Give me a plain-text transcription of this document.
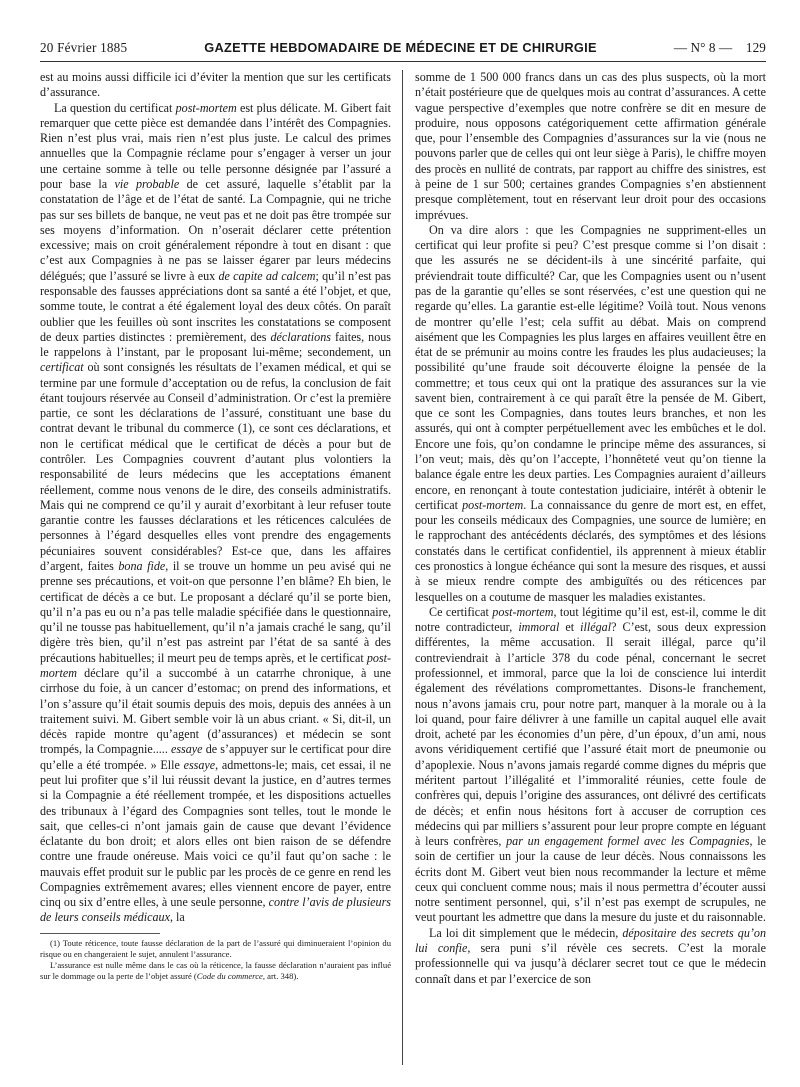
20 Février 1885	GAZETTE HEBDOMADAIRE DE MÉDECINE ET DE CHIRURGIE	— N° 8 — 129

est au moins aussi difficile ici d’éviter la mention que sur les certificats d’assurance.

La question du certificat post-mortem est plus délicate. M. Gibert fait remarquer que cette pièce est demandée dans l’intérêt des Compagnies. Rien n’est plus vrai, mais rien n’est plus juste. Le calcul des primes annuelles que la Compagnie réclame pour s’engager à verser un jour une certaine somme à telle ou telle personne désignée par l’assuré a pour base la vie probable de cet assuré, laquelle s’établit par la constatation de l’âge et de l’état de santé. La Compagnie, qui ne triche pas sur ses billets de banque, ne veut pas et ne doit pas être trompée sur ses moyens d’information. On n’oserait déclarer cette prétention excessive; mais on croit généralement répondre à tout en disant : que c’est aux Compagnies à ne pas se laisser égarer par leurs médecins délégués; que l’assuré se livre à eux de capite ad calcem; qu’il n’est pas responsable des fausses appréciations dont sa santé a été l’objet, et que, somme toute, le contrat a été également loyal des deux côtés. On paraît oublier que les feuilles où sont inscrites les constatations se composent de deux parties distinctes : premièrement, des déclarations faites, nous le rappelons à l’instant, par le proposant lui-même; secondement, un certificat où sont consignés les résultats de l’examen médical, et qui se termine par une formule d’acceptation ou de refus, la conclusion de fait étant toujours réservée au Conseil d’administration. Or c’est la première partie, ce sont les déclarations de l’assuré, constituant une base du contrat devant le tribunal du commerce (1), ce sont ces déclarations, et non le certificat médical que le certificat de décès a pour but de contrôler. Les Compagnies couvrent d’autant plus volontiers la responsabilité de leurs médecins que les acceptations émanent réellement, comme nous venons de le dire, des conseils administratifs. Mais qui ne comprend ce qu’il y aurait d’exorbitant à leur refuser toute garantie contre les fausses déclarations et les réticences calculées de personnes à l’égard desquelles elles vont prendre des engagements pécuniaires souvent considérables? Est-ce que, dans les affaires d’argent, faites bona fide, il se trouve un homme un peu avisé qui ne prenne ses précautions, et voit-on que personne l’en blâme? Eh bien, le certificat de décès a ce but. Le proposant a déclaré qu’il se porte bien, qu’il n’a pas eu ou n’a pas telle maladie spécifiée dans le questionnaire, qu’il ne tousse pas habituellement, qu’il n’a jamais craché le sang, qu’il digère très bien, qu’il n’est pas astreint par l’état de sa santé à des précautions habituelles; il meurt peu de temps après, et le certificat post-mortem déclare qu’il a succombé à un catarrhe chronique, à une cirrhose du foie, à un cancer d’estomac; on prend des informations, et l’on s’assure qu’il était soumis depuis des mois, depuis des années à un traitement suivi. M. Gibert semble voir là un abus criant. « Si, dit-il, un décès rapide montre qu’agent (d’assurances) et médecin se sont trompés, la Compagnie..... essaye de s’appuyer sur le certificat pour dire qu’elle a été trompée. » Elle essaye, admettons-le; mais, cet essai, il ne peut lui profiter que s’il lui réussit devant la justice, en d’autres termes si la Compagnie a été réellement trompée, et les dispositions actuelles des tribunaux à l’égard des Compagnies sont telles, tout le monde le sait, que celles-ci n’ont jamais gain de cause que devant l’évidence éclatante du bon droit; et alors elles ont bien raison de se défendre contre une fraude onéreuse. Mais voici ce qu’il faut qu’on sache : le mauvais effet produit sur le public par les procès de ce genre en rend les Compagnies extrêmement avares; elles viennent encore de payer, entre cinq ou six d’entre elles, à une seule personne, contre l’avis de plusieurs de leurs conseils médicaux, la

(1) Toute réticence, toute fausse déclaration de la part de l’assuré qui diminueraient l’opinion du risque ou en changeraient le sujet, annulent l’assurance.

L’assurance est nulle même dans le cas où la réticence, la fausse déclaration n’auraient pas influé sur le dommage ou la perte de l’objet assuré (Code du commerce, art. 348).

somme de 1 500 000 francs dans un cas des plus suspects, où la mort n’était postérieure que de quelques mois au contrat d’assurances. A cette vague perspective d’exemples que notre confrère se dit en mesure de produire, nous opposons catégoriquement cette affirmation générale que, pour l’ensemble des Compagnies d’assurances sur la vie (nous ne pouvons parler que de celles qui ont leur siège à Paris), le chiffre moyen des procès en nullité de contrats, par rapport au chiffre des sinistres, est à peine de 1 sur 500; certaines grandes Compagnies s’en abstiennent presque complètement, tout en réservant leur droit pour des occasions imprévues.

On va dire alors : que les Compagnies ne suppriment-elles un certificat qui leur profite si peu? C’est presque comme si l’on disait : que les assurés ne se décident-ils à une sincérité parfaite, qui préviendrait toute difficulté? Car, que les Compagnies usent ou n’usent pas de la garantie qu’elles se sont réservées, c’est une question qui ne regarde qu’elles. La garantie est-elle légitime? Voilà tout. Nous venons de montrer qu’elle l’est; cela suffit au débat. Mais on comprend aisément que les Compagnies les plus larges en affaires veuillent être en état de se prémunir au moins contre les fraudes les plus audacieuses; la possibilité qu’une fraude soit découverte éloigne la pensée de la commettre; et tous ceux qui ont la pratique des assurances sur la vie savent bien, contrairement à ce qui paraît être la pensée de M. Gibert, que ce sont les Compagnies, dans toutes leurs branches, et non les assurés, qui ont à compter perpétuellement avec les embûches et le dol. Encore une fois, qu’on condamne le principe même des assurances, si l’on veut; mais, dès qu’on l’accepte, l’honnêteté veut qu’on tienne la balance égale entre les deux parties. Les Compagnies auraient d’ailleurs encore, en renonçant à toute contestation judiciaire, intérêt à obtenir le certificat post-mortem. La connaissance du genre de mort est, en effet, pour les conseils médicaux des Compagnies, une source de lumière; en le rapprochant des antécédents déclarés, des symptômes et des lésions constatés dans le certificat confidentiel, ils apprennent à mieux établir ces pronostics à longue échéance qui sont la mesure des risques, et aussi à se mieux rendre compte des ambiguïtés ou des réticences par lesquelles on a coutume de masquer les maladies existantes.

Ce certificat post-mortem, tout légitime qu’il est, est-il, comme le dit notre contradicteur, immoral et illégal? C’est, sous deux expression différentes, la même accusation. Il serait illégal, parce qu’il contreviendrait à l’article 378 du code pénal, concernant le secret professionnel, et immoral, parce que la loi de conscience lui interdit également des révélations compromettantes. Disons-le franchement, nous n’avons jamais cru, pour notre part, manquer à la morale ou à la loi quand, pour faire délivrer à une famille un capital auquel elle avait droit, acheté par les économies d’un père, d’un époux, d’un ami, nous avons véridiquement certifié que l’assuré était mort de pneumonie ou d’apoplexie. Nous n’avons jamais regardé comme dignes du mépris que méritent partout l’illégalité et l’immoralité réunies, cette foule de confrères qui, depuis l’origine des assurances, ont délivré des certificats de décès; et enfin nous hésitons fort à accuser de corruption ces médecins qui par milliers s’assurent pour leur propre compte en léguant à leurs confrères, par un engagement formel avec les Compagnies, le soin de certifier un jour la cause de leur décès. Nous connaissons les écrits dont M. Gibert veut bien nous recommander la lecture et même ceux qui concluent comme nous; mais il nous permettra d’écouter aussi notre sentiment personnel, qui, s’il n’est pas exempt de scrupules, ne veut pourtant les admettre que dans la mesure du juste et du raisonnable.

La loi dit simplement que le médecin, dépositaire des secrets qu’on lui confie, sera puni s’il révèle ces secrets. C’est la morale professionnelle qui va jusqu’à déclarer secret tout ce que le médecin connaît dans et par l’exercice de son
